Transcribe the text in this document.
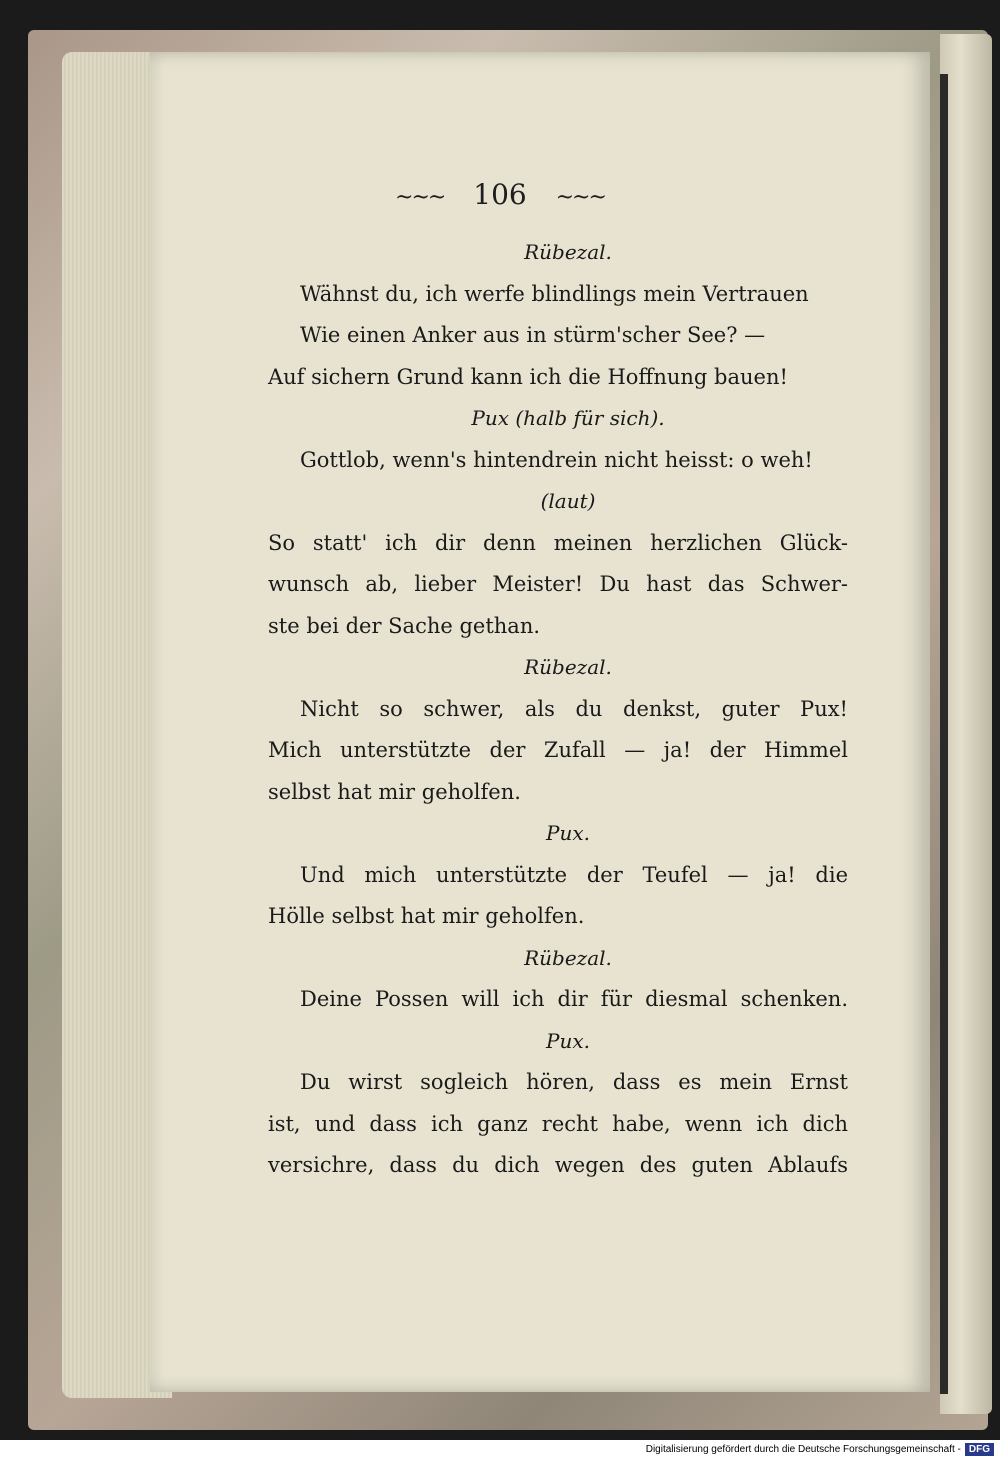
~~~ 106 ~~~
Rübezal.
Wähnst du, ich werfe blindlings mein Vertrauen
Wie einen Anker aus in stürm'scher See? —
Auf sichern Grund kann ich die Hoffnung bauen!
Pux (halb für sich).
Gottlob, wenn's hintendrein nicht heisst: o weh!
(laut)
So statt' ich dir denn meinen herzlichen Glück-
wunsch ab, lieber Meister! Du hast das Schwer-
ste bei der Sache gethan.
Rübezal.
Nicht so schwer, als du denkst, guter Pux!
Mich unterstützte der Zufall — ja! der Himmel
selbst hat mir geholfen.
Pux.
Und mich unterstützte der Teufel — ja! die
Hölle selbst hat mir geholfen.
Rübezal.
Deine Possen will ich dir für diesmal schenken.
Pux.
Du wirst sogleich hören, dass es mein Ernst
ist, und dass ich ganz recht habe, wenn ich dich
versichre, dass du dich wegen des guten Ablaufs
Digitalisierung gefördert durch die Deutsche Forschungsgemeinschaft - DFG
